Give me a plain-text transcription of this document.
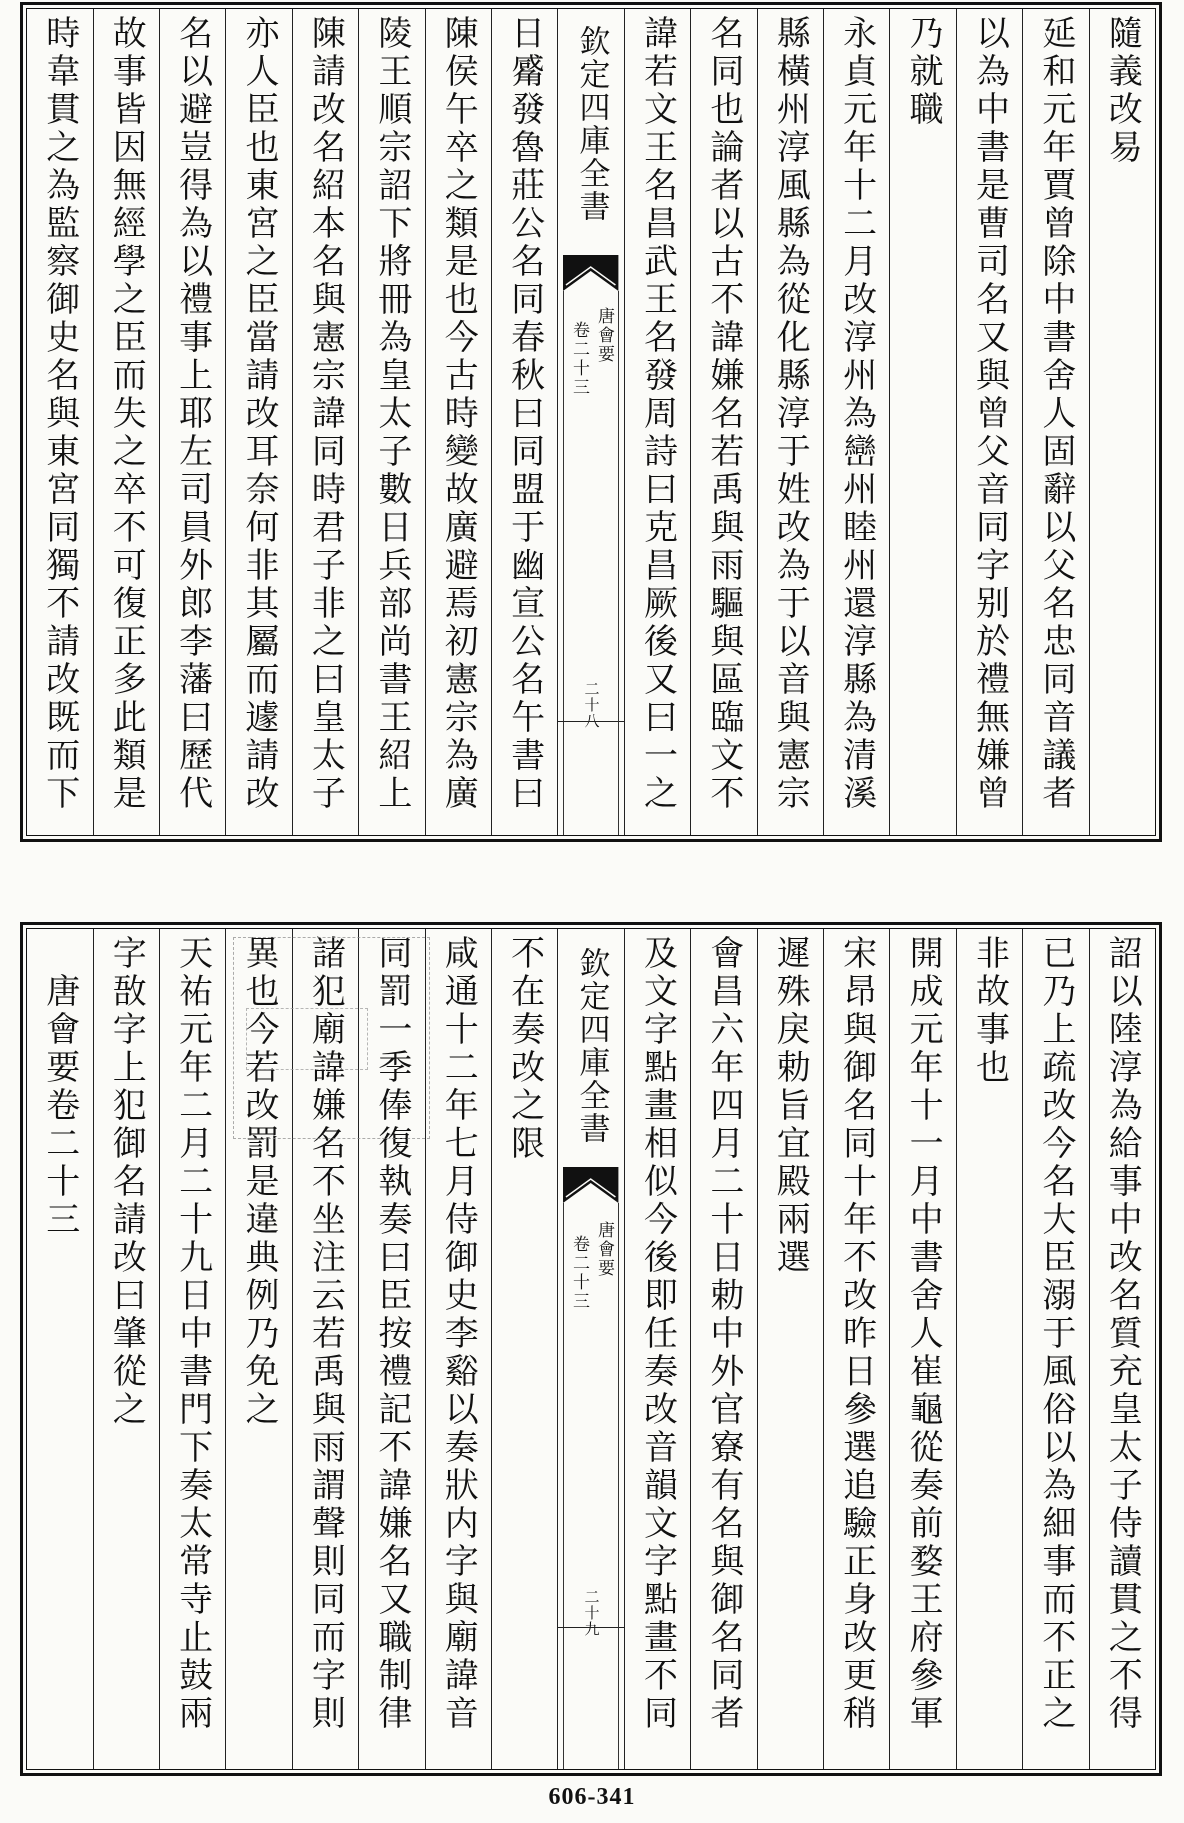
隨義改易
延和元年賈曾除中書舍人固辭以父名忠同音議者
以為中書是曹司名又與曾父音同字别於禮無嫌曾
乃就職
永貞元年十二月改淳州為巒州睦州還淳縣為清溪
縣橫州淳風縣為從化縣淳于姓改為于以音與憲宗
名同也論者以古不諱嫌名若禹與雨驅與區臨文不
諱若文王名昌武王名發周詩曰克昌厥後又曰一之
欽定四庫全書
唐會要
卷二十三
二十八
日觱發魯莊公名同春秋曰同盟于幽宣公名午書曰
陳侯午卒之類是也今古時變故廣避焉初憲宗為廣
陵王順宗詔下將冊為皇太子數日兵部尚書王紹上
陳請改名紹本名與憲宗諱同時君子非之曰皇太子
亦人臣也東宮之臣當請改耳奈何非其屬而遽請改
名以避豈得為以禮事上耶左司員外郎李藩曰歷代
故事皆因無經學之臣而失之卒不可復正多此類是
時韋貫之為監察御史名與東宮同獨不請改既而下
詔以陸淳為給事中改名質充皇太子侍讀貫之不得
已乃上疏改今名大臣溺于風俗以為細事而不正之
非故事也
開成元年十一月中書舍人崔龜從奏前婺王府參軍
宋昂與御名同十年不改昨日參選追驗正身改更稍
遲殊戾勅旨宜殿兩選
會昌六年四月二十日勅中外官寮有名與御名同者
及文字點畫相似今後即任奏改音韻文字點畫不同
欽定四庫全書
唐會要
卷二十三
二十九
不在奏改之限
咸通十二年七月侍御史李谿以奏狀内字與廟諱音
同罰一季俸復執奏曰臣按禮記不諱嫌名又職制律
諸犯廟諱嫌名不坐注云若禹與雨謂聲則同而字則
異也今若改罰是違典例乃免之
天祐元年二月二十九日中書門下奏太常寺止鼓兩
字敔字上犯御名請改曰肇從之
唐會要卷二十三
606-341
